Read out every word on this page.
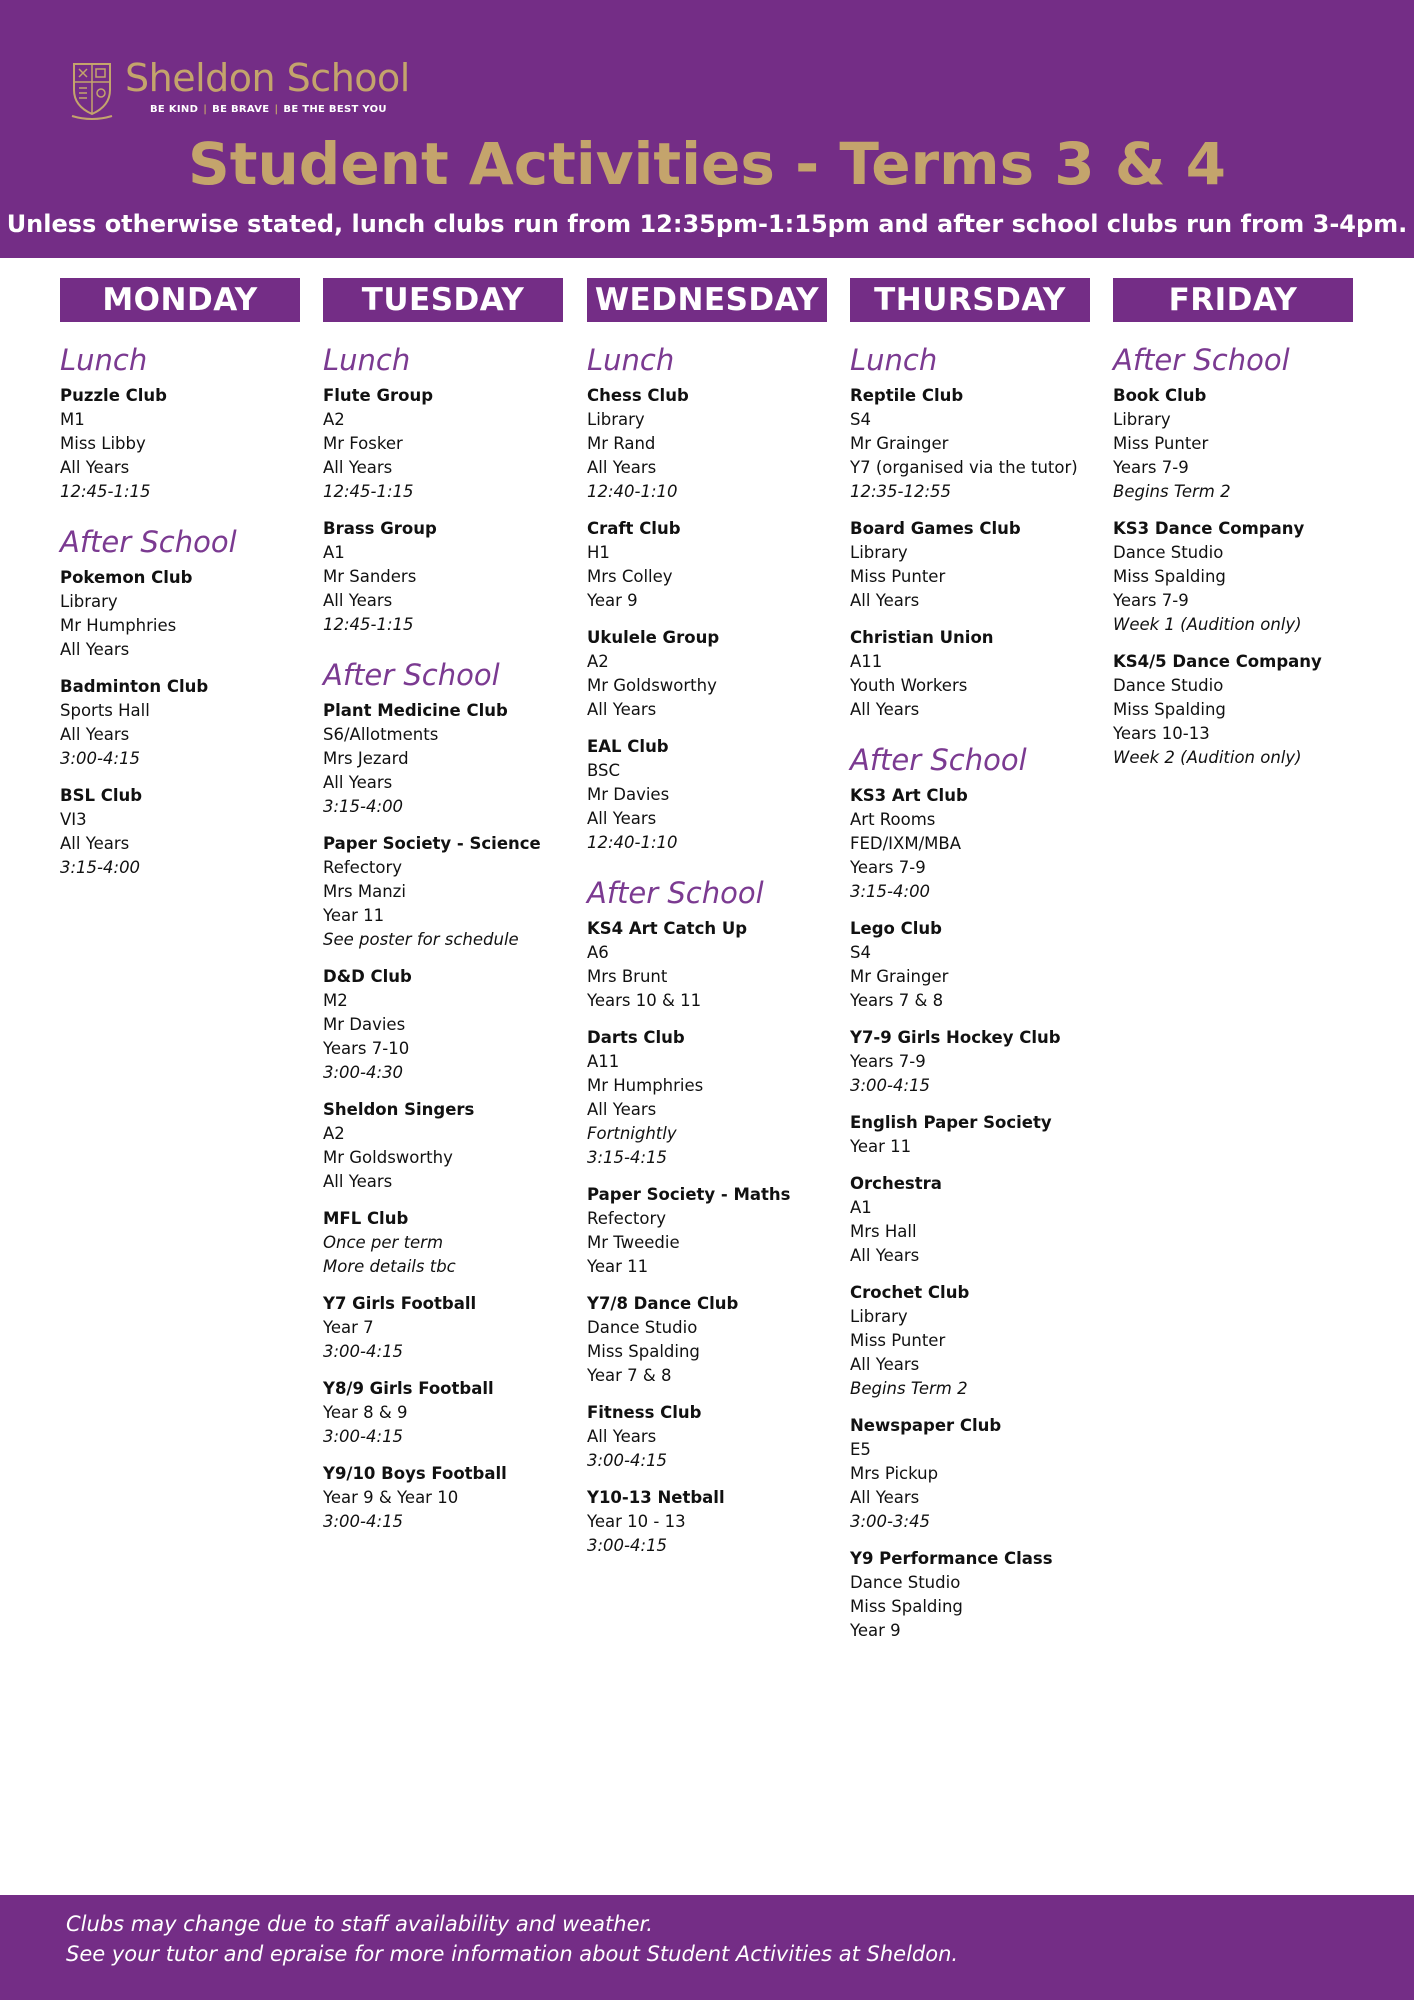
Sheldon School
BE KIND | BE BRAVE | BE THE BEST YOU
Student Activities - Terms 3 & 4
Unless otherwise stated, lunch clubs run from 12:35pm-1:15pm and after school clubs run from 3-4pm.
MONDAY
Lunch
Puzzle Club
M1
Miss Libby
All Years
12:45-1:15
After School
Pokemon Club
Library
Mr Humphries
All Years
Badminton Club
Sports Hall
All Years
3:00-4:15
BSL Club
VI3
All Years
3:15-4:00
TUESDAY
Lunch
Flute Group
A2
Mr Fosker
All Years
12:45-1:15
Brass Group
A1
Mr Sanders
All Years
12:45-1:15
After School
Plant Medicine Club
S6/Allotments
Mrs Jezard
All Years
3:15-4:00
Paper Society - Science
Refectory
Mrs Manzi
Year 11
See poster for schedule
D&D Club
M2
Mr Davies
Years 7-10
3:00-4:30
Sheldon Singers
A2
Mr Goldsworthy
All Years
MFL Club
Once per term
More details tbc
Y7 Girls Football
Year 7
3:00-4:15
Y8/9 Girls Football
Year 8 & 9
3:00-4:15
Y9/10 Boys Football
Year 9 & Year 10
3:00-4:15
WEDNESDAY
Lunch
Chess Club
Library
Mr Rand
All Years
12:40-1:10
Craft Club
H1
Mrs Colley
Year 9
Ukulele Group
A2
Mr Goldsworthy
All Years
EAL Club
BSC
Mr Davies
All Years
12:40-1:10
After School
KS4 Art Catch Up
A6
Mrs Brunt
Years 10 & 11
Darts Club
A11
Mr Humphries
All Years
Fortnightly
3:15-4:15
Paper Society - Maths
Refectory
Mr Tweedie
Year 11
Y7/8 Dance Club
Dance Studio
Miss Spalding
Year 7 & 8
Fitness Club
All Years
3:00-4:15
Y10-13 Netball
Year 10 - 13
3:00-4:15
THURSDAY
Lunch
Reptile Club
S4
Mr Grainger
Y7 (organised via the tutor)
12:35-12:55
Board Games Club
Library
Miss Punter
All Years
Christian Union
A11
Youth Workers
All Years
After School
KS3 Art Club
Art Rooms
FED/IXM/MBA
Years 7-9
3:15-4:00
Lego Club
S4
Mr Grainger
Years 7 & 8
Y7-9 Girls Hockey Club
Years 7-9
3:00-4:15
English Paper Society
Year 11
Orchestra
A1
Mrs Hall
All Years
Crochet Club
Library
Miss Punter
All Years
Begins Term 2
Newspaper Club
E5
Mrs Pickup
All Years
3:00-3:45
Y9 Performance Class
Dance Studio
Miss Spalding
Year 9
FRIDAY
After School
Book Club
Library
Miss Punter
Years 7-9
Begins Term 2
KS3 Dance Company
Dance Studio
Miss Spalding
Years 7-9
Week 1 (Audition only)
KS4/5 Dance Company
Dance Studio
Miss Spalding
Years 10-13
Week 2 (Audition only)
Clubs may change due to staff availability and weather.
See your tutor and epraise for more information about Student Activities at Sheldon.
